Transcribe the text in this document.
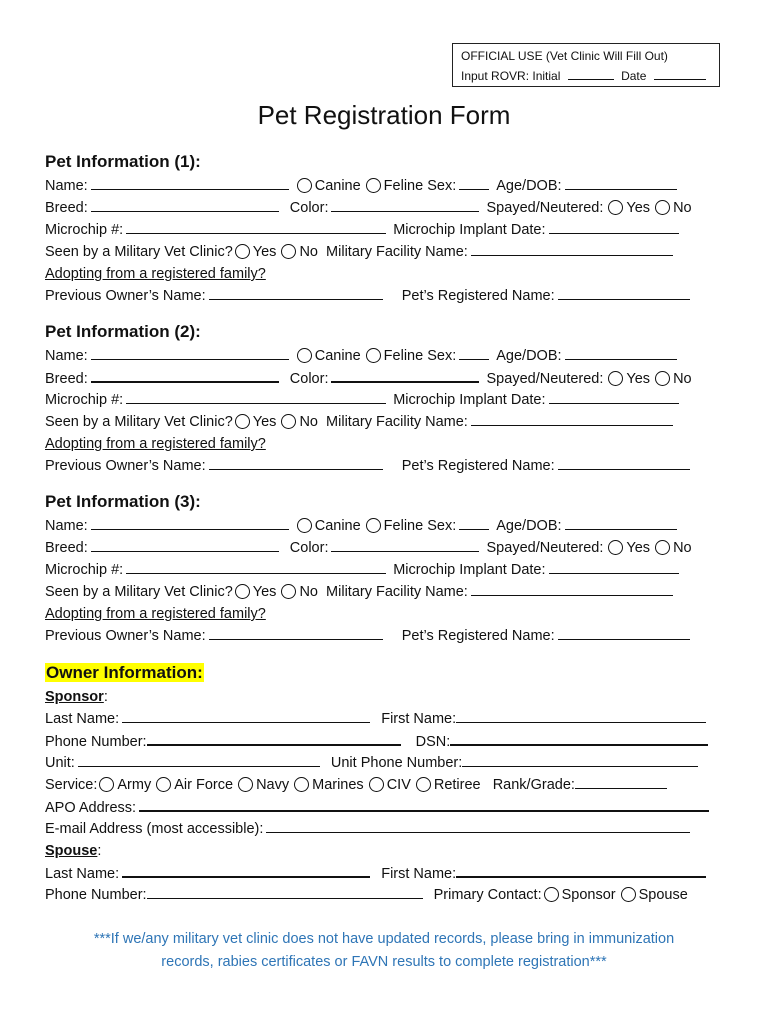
OFFICIAL USE (Vet Clinic Will Fill Out)
Input ROVR: Initial	Date
Pet Registration Form
Pet Information (1):
Name:	Canine Feline Sex:	Age/DOB:
Breed:	Color:	Spayed/Neutered: Yes No
Microchip #:	Microchip Implant Date:
Seen by a Military Vet Clinic? Yes No Military Facility Name:
Adopting from a registered family?
Previous Owner’s Name:	Pet’s Registered Name:
Pet Information (2):
Name:	Canine Feline Sex:	Age/DOB:
Breed:	Color:	Spayed/Neutered: Yes No
Microchip #:	Microchip Implant Date:
Seen by a Military Vet Clinic? Yes No Military Facility Name:
Adopting from a registered family?
Previous Owner’s Name:	Pet’s Registered Name:
Pet Information (3):
Name:	Canine Feline Sex:	Age/DOB:
Breed:	Color:	Spayed/Neutered: Yes No
Microchip #:	Microchip Implant Date:
Seen by a Military Vet Clinic? Yes No Military Facility Name:
Adopting from a registered family?
Previous Owner’s Name:	Pet’s Registered Name:
Owner Information:
Sponsor:
Last Name:	First Name:
Phone Number:	DSN:
Unit:	Unit Phone Number:
Service: Army Air Force Navy Marines CIV Retiree Rank/Grade:
APO Address:
E-mail Address (most accessible):
Spouse:
Last Name:	First Name:
Phone Number:	Primary Contact: Sponsor Spouse
***If we/any military vet clinic does not have updated records, please bring in immunization
records, rabies certificates or FAVN results to complete registration***
